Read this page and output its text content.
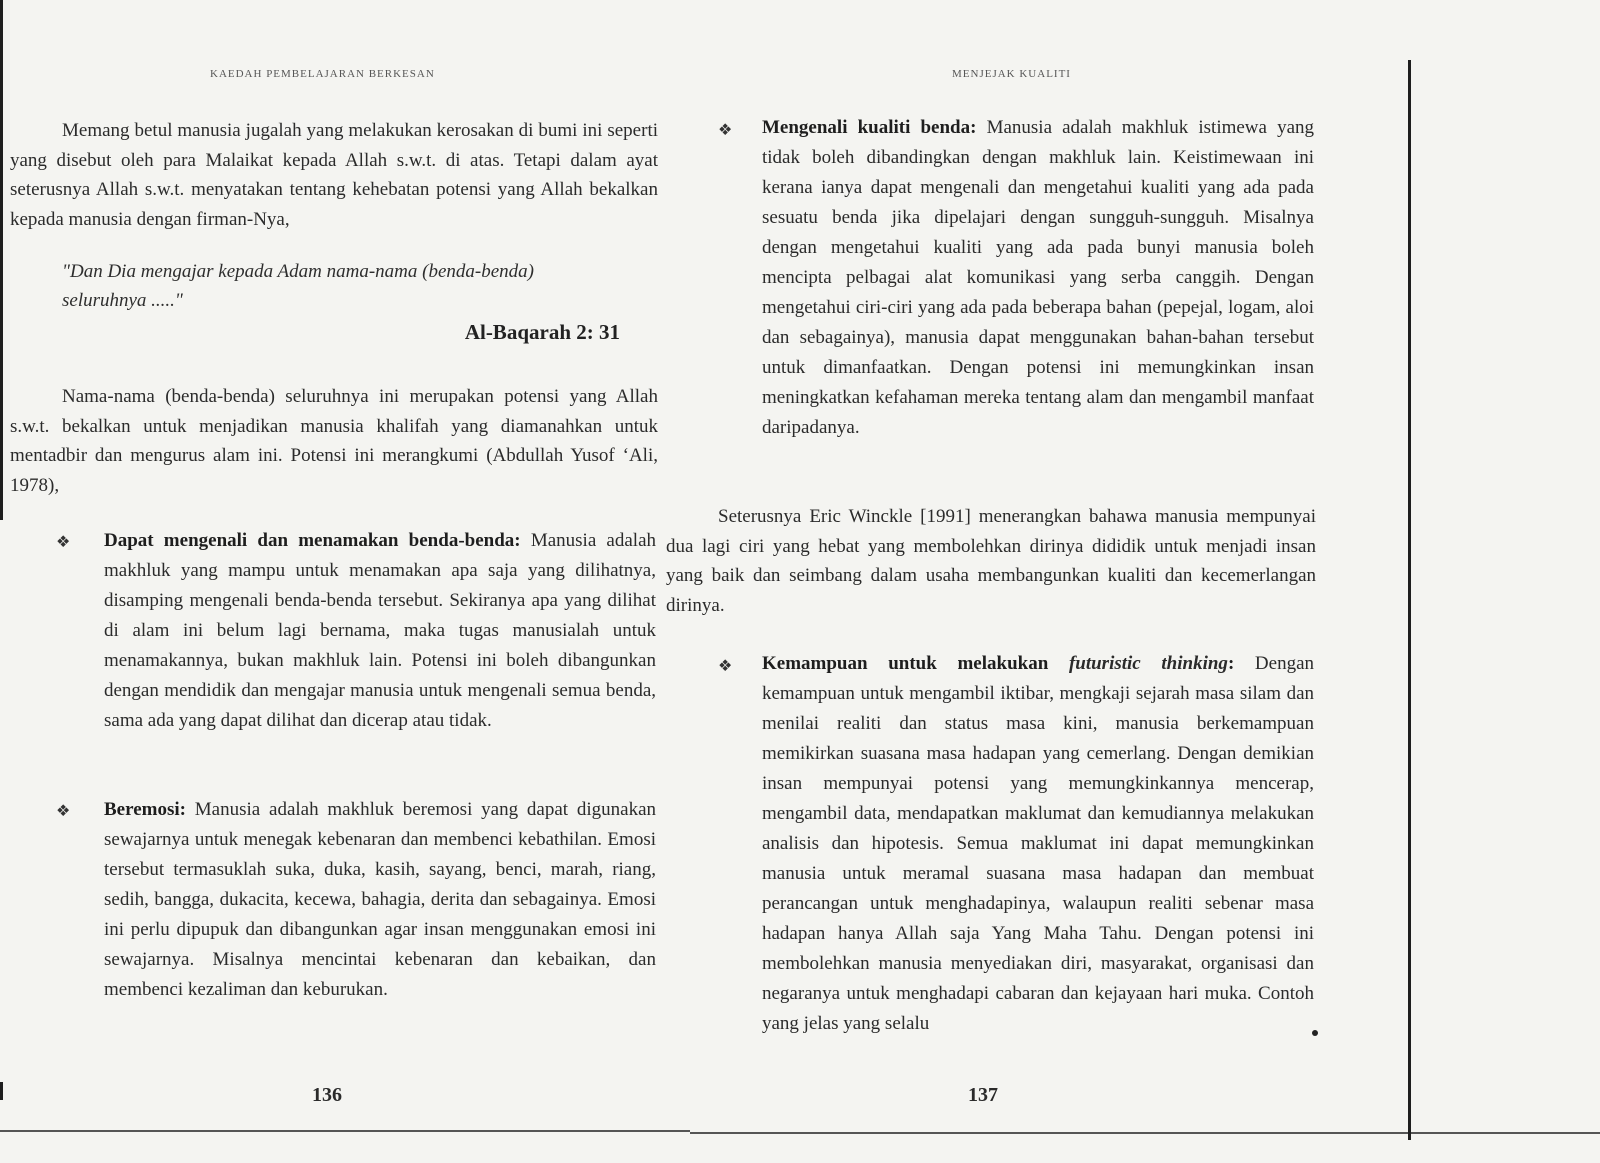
KAEDAH PEMBELAJARAN BERKESAN
Memang betul manusia jugalah yang melakukan kerosakan di bumi ini seperti yang disebut oleh para Malaikat kepada Allah s.w.t. di atas. Tetapi dalam ayat seterusnya Allah s.w.t. menyatakan tentang kehebatan potensi yang Allah bekalkan kepada manusia dengan firman-Nya,
"Dan Dia mengajar kepada Adam nama-nama (benda-benda) seluruhnya ....."
Al-Baqarah 2: 31
Nama-nama (benda-benda) seluruhnya ini merupakan potensi yang Allah s.w.t. bekalkan untuk menjadikan manusia khalifah yang diamanahkan untuk mentadbir dan mengurus alam ini. Potensi ini merangkumi (Abdullah Yusof ‘Ali, 1978),
❖ Dapat mengenali dan menamakan benda-benda: Manusia adalah makhluk yang mampu untuk menamakan apa saja yang dilihatnya, disamping mengenali benda-benda tersebut. Sekiranya apa yang dilihat di alam ini belum lagi bernama, maka tugas manusialah untuk menamakannya, bukan makhluk lain. Potensi ini boleh dibangunkan dengan mendidik dan mengajar manusia untuk mengenali semua benda, sama ada yang dapat dilihat dan dicerap atau tidak.
❖ Beremosi: Manusia adalah makhluk beremosi yang dapat digunakan sewajarnya untuk menegak kebenaran dan membenci kebathilan. Emosi tersebut termasuklah suka, duka, kasih, sayang, benci, marah, riang, sedih, bangga, dukacita, kecewa, bahagia, derita dan sebagainya. Emosi ini perlu dipupuk dan dibangunkan agar insan menggunakan emosi ini sewajarnya. Misalnya mencintai kebenaran dan kebaikan, dan membenci kezaliman dan keburukan.
136
MENJEJAK KUALITI
❖ Mengenali kualiti benda: Manusia adalah makhluk istimewa yang tidak boleh dibandingkan dengan makhluk lain. Keistimewaan ini kerana ianya dapat mengenali dan mengetahui kualiti yang ada pada sesuatu benda jika dipelajari dengan sungguh-sungguh. Misalnya dengan mengetahui kualiti yang ada pada bunyi manusia boleh mencipta pelbagai alat komunikasi yang serba canggih. Dengan mengetahui ciri-ciri yang ada pada beberapa bahan (pepejal, logam, aloi dan sebagainya), manusia dapat menggunakan bahan-bahan tersebut untuk dimanfaatkan. Dengan potensi ini memungkinkan insan meningkatkan kefahaman mereka tentang alam dan mengambil manfaat daripadanya.
Seterusnya Eric Winckle [1991] menerangkan bahawa manusia mempunyai dua lagi ciri yang hebat yang membolehkan dirinya dididik untuk menjadi insan yang baik dan seimbang dalam usaha membangunkan kualiti dan kecemerlangan dirinya.
❖ Kemampuan untuk melakukan futuristic thinking: Dengan kemampuan untuk mengambil iktibar, mengkaji sejarah masa silam dan menilai realiti dan status masa kini, manusia berkemampuan memikirkan suasana masa hadapan yang cemerlang. Dengan demikian insan mempunyai potensi yang memungkinkannya mencerap, mengambil data, mendapatkan maklumat dan kemudiannya melakukan analisis dan hipotesis. Semua maklumat ini dapat memungkinkan manusia untuk meramal suasana masa hadapan dan membuat perancangan untuk menghadapinya, walaupun realiti sebenar masa hadapan hanya Allah saja Yang Maha Tahu. Dengan potensi ini membolehkan manusia menyediakan diri, masyarakat, organisasi dan negaranya untuk menghadapi cabaran dan kejayaan hari muka. Contoh yang jelas yang selalu
137
